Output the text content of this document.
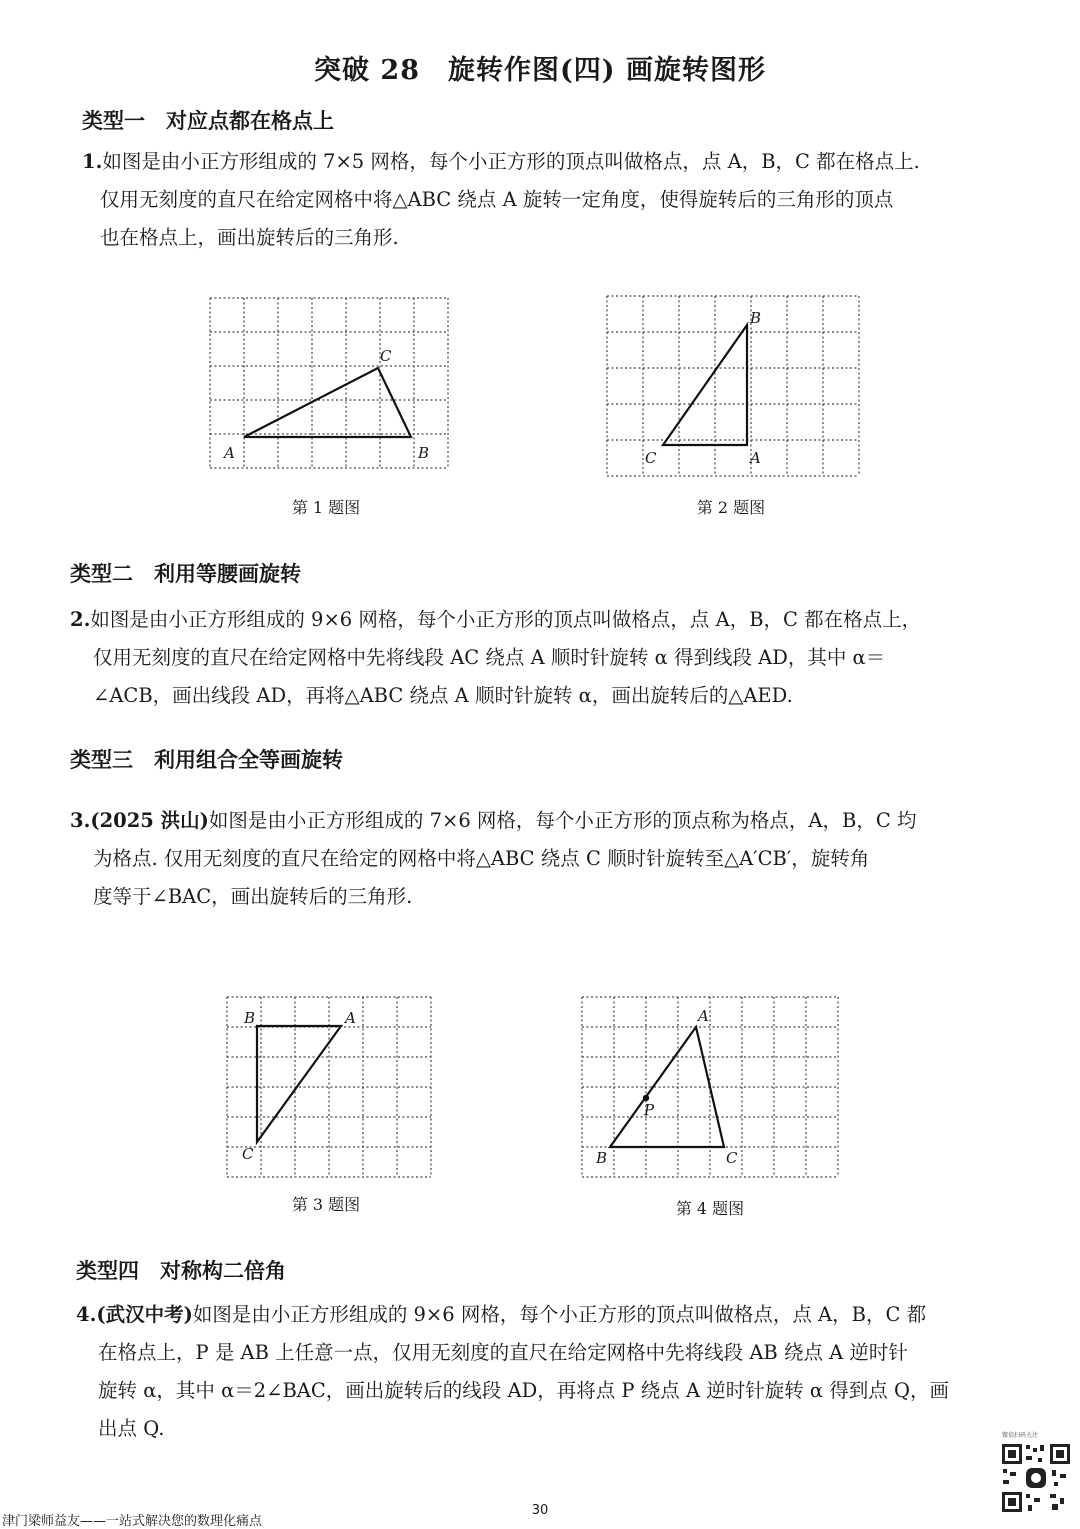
突破 28　旋转作图(四) 画旋转图形
类型一　对应点都在格点上
1.如图是由小正方形组成的 7×5 网格，每个小正方形的顶点叫做格点，点 A，B，C 都在格点上.
仅用无刻度的直尺在给定网格中将△ABC 绕点 A 旋转一定角度，使得旋转后的三角形的顶点
也在格点上，画出旋转后的三角形.
A	B
C
第 1 题图
B
C	A
第 2 题图
类型二　利用等腰画旋转
2.如图是由小正方形组成的 9×6 网格，每个小正方形的顶点叫做格点，点 A，B，C 都在格点上，
仅用无刻度的直尺在给定网格中先将线段 AC 绕点 A 顺时针旋转 α 得到线段 AD，其中 α＝
∠ACB，画出线段 AD，再将△ABC 绕点 A 顺时针旋转 α，画出旋转后的△AED.
类型三　利用组合全等画旋转
3.(2025 洪山)如图是由小正方形组成的 7×6 网格，每个小正方形的顶点称为格点，A，B，C 均
为格点. 仅用无刻度的直尺在给定的网格中将△ABC 绕点 C 顺时针旋转至△A′CB′，旋转角
度等于∠BAC，画出旋转后的三角形.
B	A
C
第 3 题图
A
P
B	C
第 4 题图
类型四　对称构二倍角
4.(武汉中考)如图是由小正方形组成的 9×6 网格，每个小正方形的顶点叫做格点，点 A，B，C 都
在格点上，P 是 AB 上任意一点，仅用无刻度的直尺在给定网格中先将线段 AB 绕点 A 逆时针
旋转 α，其中 α＝2∠BAC，画出旋转后的线段 AD，再将点 P 绕点 A 逆时针旋转 α 得到点 Q，画
出点 Q.	微信扫码关注
津门梁师益友——一站式解决您的数理化痛点
30
